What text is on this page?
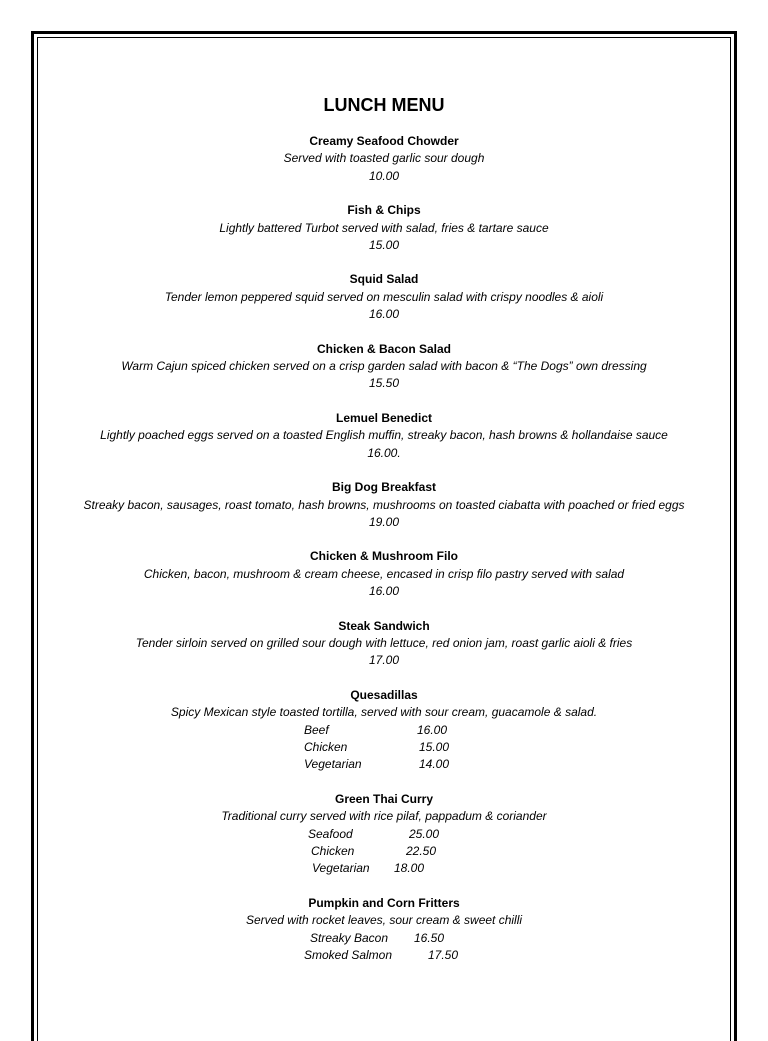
LUNCH MENU
Creamy Seafood Chowder
Served with toasted garlic sour dough
10.00
Fish & Chips
Lightly battered Turbot served with salad, fries & tartare sauce
15.00
Squid Salad
Tender lemon peppered squid served on mesculin salad with crispy noodles & aioli
16.00
Chicken & Bacon Salad
Warm Cajun spiced chicken served on a crisp garden salad with bacon & “The Dogs” own dressing
15.50
Lemuel Benedict
Lightly poached eggs served on a toasted English muffin, streaky bacon, hash browns & hollandaise sauce
16.00.
Big Dog Breakfast
Streaky bacon, sausages, roast tomato, hash browns, mushrooms on toasted ciabatta with poached or fried eggs
19.00
Chicken & Mushroom Filo
Chicken, bacon, mushroom & cream cheese, encased in crisp filo pastry served with salad
16.00
Steak Sandwich
Tender sirloin served on grilled sour dough with lettuce, red onion jam, roast garlic aioli & fries
17.00
Quesadillas
Spicy Mexican style toasted tortilla, served with sour cream, guacamole & salad.
Beef	16.00
Chicken	15.00
Vegetarian	14.00
Green Thai Curry
Traditional curry served with rice pilaf, pappadum & coriander
Seafood	25.00
Chicken	22.50
Vegetarian 18.00
Pumpkin and Corn Fritters
Served with rocket leaves, sour cream & sweet chilli
Streaky Bacon 16.50
Smoked Salmon	17.50
